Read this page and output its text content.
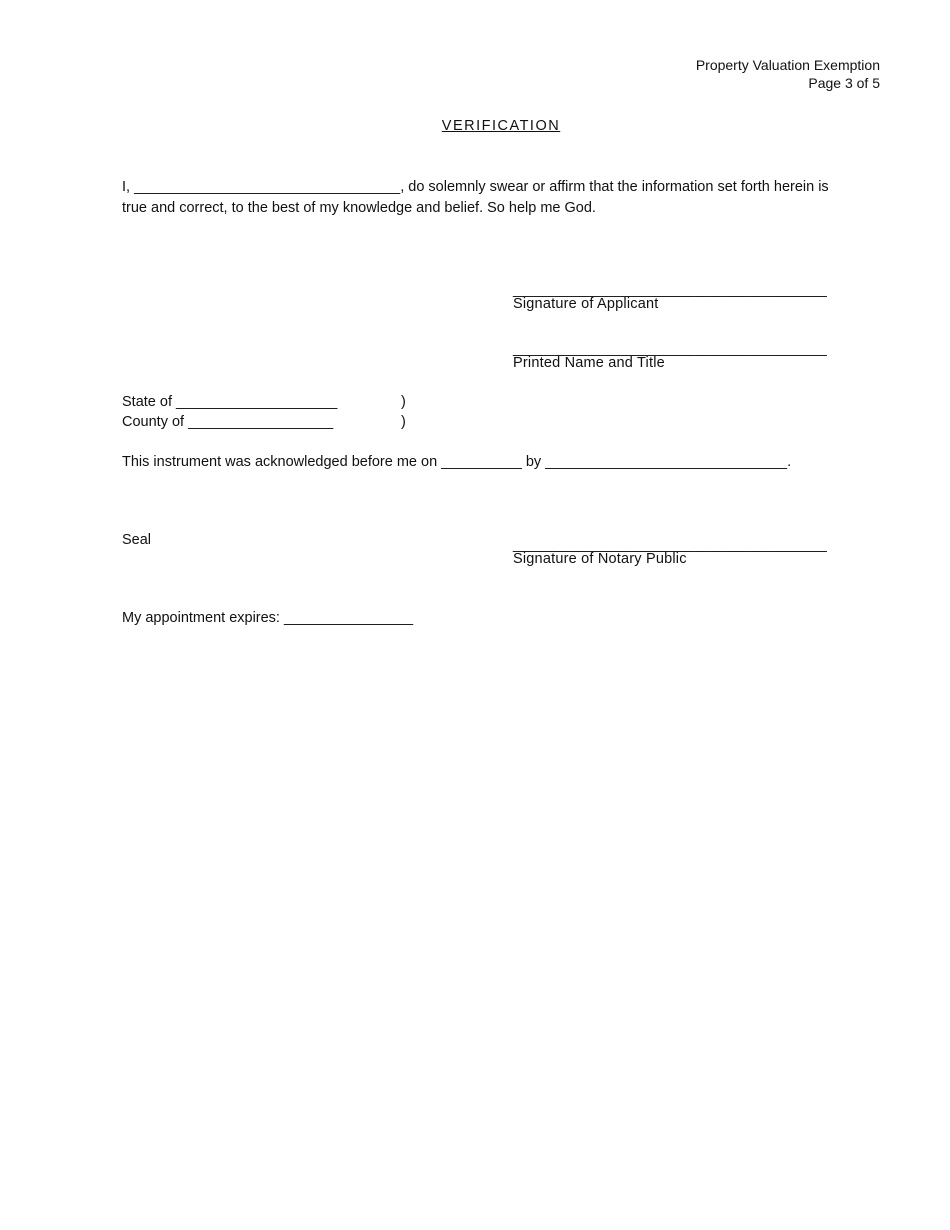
Property Valuation Exemption
Page 3 of 5
VERIFICATION
I, _________________________________, do solemnly swear or affirm that the information set forth herein is
true and correct, to the best of my knowledge and belief. So help me God.
______________________________________
Signature of Applicant
______________________________________
Printed Name and Title
State of ____________________	)
County of __________________	)
This instrument was acknowledged before me on __________ by ______________________________.
Seal	______________________________________
Signature of Notary Public
My appointment expires: ________________
